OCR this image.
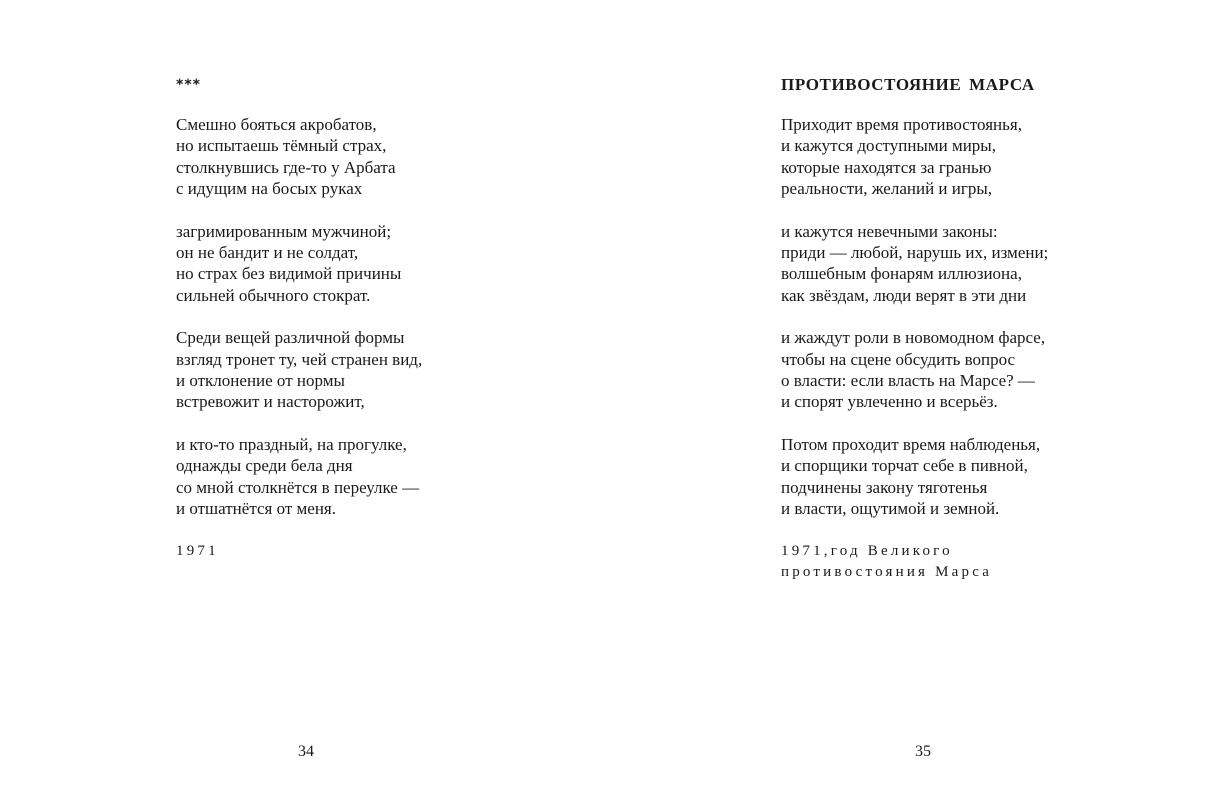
***
Смешно бояться акробатов,
но испытаешь тёмный страх,
столкнувшись где-то у Арбата
с идущим на босых руках
загримированным мужчиной;
он не бандит и не солдат,
но страх без видимой причины
сильней обычного стократ.
Среди вещей различной формы
взгляд тронет ту, чей странен вид,
и отклонение от нормы
встревожит и насторожит,
и кто-то праздный, на прогулке,
однажды среди бела дня
со мной столкнётся в переулке —
и отшатнётся от меня.
1971
34
ПРОТИВОСТОЯНИЕ МАРСА
Приходит время противостоянья,
и кажутся доступными миры,
которые находятся за гранью
реальности, желаний и игры,
и кажутся невечными законы:
приди — любой, нарушь их, измени;
волшебным фонарям иллюзиона,
как звёздам, люди верят в эти дни
и жаждут роли в новомодном фарсе,
чтобы на сцене обсудить вопрос
о власти: если власть на Марсе? —
и спорят увлеченно и всерьёз.
Потом проходит время наблюденья,
и спорщики торчат себе в пивной,
подчинены закону тяготенья
и власти, ощутимой и земной.
1971,год Великого
противостояния Марса
35
